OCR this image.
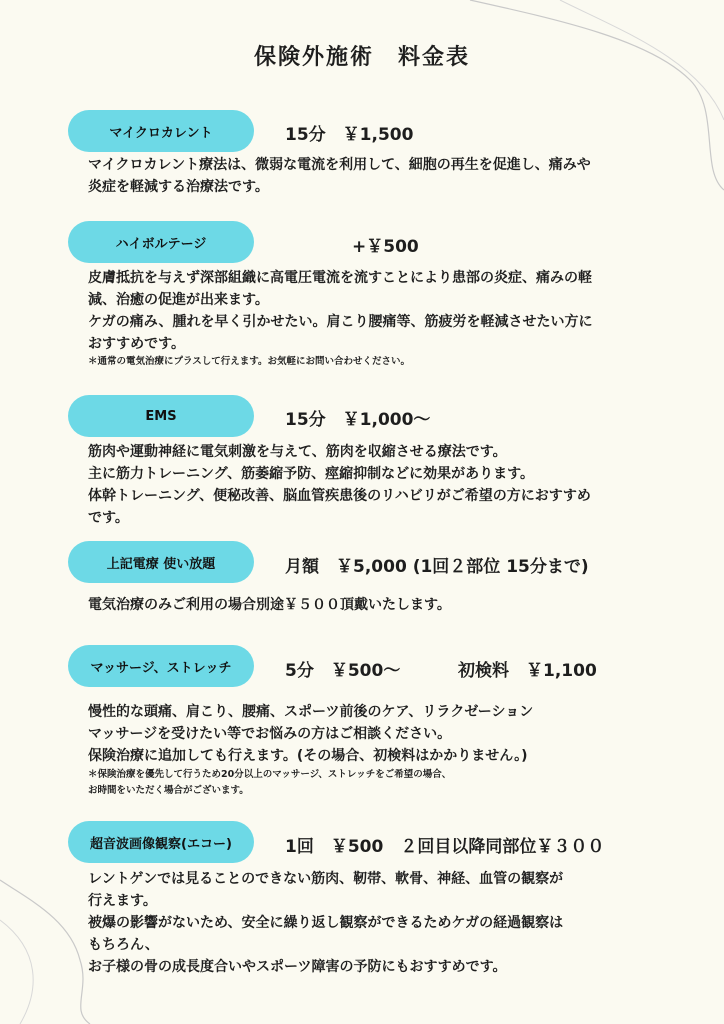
保険外施術　料金表
マイクロカレント	15分　￥1,500
マイクロカレント療法は、微弱な電流を利用して、細胞の再生を促進し、痛みや
炎症を軽減する治療法です。
ハイボルテージ	+￥500
皮膚抵抗を与えず深部組織に高電圧電流を流すことにより患部の炎症、痛みの軽
減、治癒の促進が出来ます。
ケガの痛み、腫れを早く引かせたい。肩こり腰痛等、筋疲労を軽減させたい方に
おすすめです。
＊通常の電気治療にプラスして行えます。お気軽にお問い合わせください。
EMS	15分　￥1,000〜
筋肉や運動神経に電気刺激を与えて、筋肉を収縮させる療法です。
主に筋力トレーニング、筋萎縮予防、痙縮抑制などに効果があります。
体幹トレーニング、便秘改善、脳血管疾患後のリハビリがご希望の方におすすめ
です。
上記電療 使い放題	月額　￥5,000 (1回２部位 15分まで)
電気治療のみご利用の場合別途￥５００頂戴いたします。
マッサージ、ストレッチ	5分　￥500〜	初検料　￥1,100
慢性的な頭痛、肩こり、腰痛、スポーツ前後のケア、リラクゼーション
マッサージを受けたい等でお悩みの方はご相談ください。
保険治療に追加しても行えます。(その場合、初検料はかかりません。)
＊保険治療を優先して行うため20分以上のマッサージ、ストレッチをご希望の場合、
お時間をいただく場合がございます。
超音波画像観察(エコー)	1回　￥500　２回目以降同部位￥３００
レントゲンでは見ることのできない筋肉、靭帯、軟骨、神経、血管の観察が
行えます。
被爆の影響がないため、安全に繰り返し観察ができるためケガの経過観察は
もちろん、
お子様の骨の成長度合いやスポーツ障害の予防にもおすすめです。
